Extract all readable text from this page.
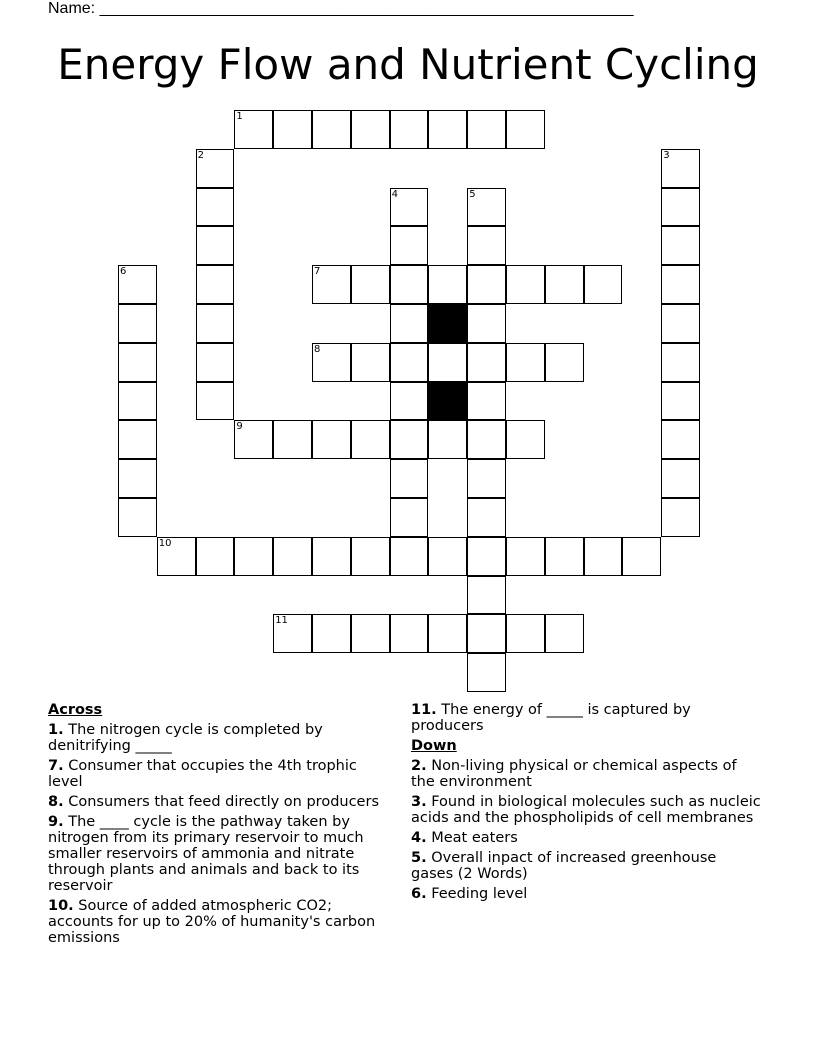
Name: ____________________________________________________________
Energy Flow and Nutrient Cycling
1
2	3
4	5
6	7
8
9
10
11
Across
1. The nitrogen cycle is completed by denitrifying _____
7. Consumer that occupies the 4th trophic level
8. Consumers that feed directly on producers
9. The ____ cycle is the pathway taken by nitrogen from its primary reservoir to much smaller reservoirs of ammonia and nitrate through plants and animals and back to its reservoir
10. Source of added atmospheric CO2; accounts for up to 20% of humanity's carbon emissions
11. The energy of _____ is captured by producers
Down
2. Non-living physical or chemical aspects of the environment
3. Found in biological molecules such as nucleic acids and the phospholipids of cell membranes
4. Meat eaters
5. Overall inpact of increased greenhouse gases (2 Words)
6. Feeding level
